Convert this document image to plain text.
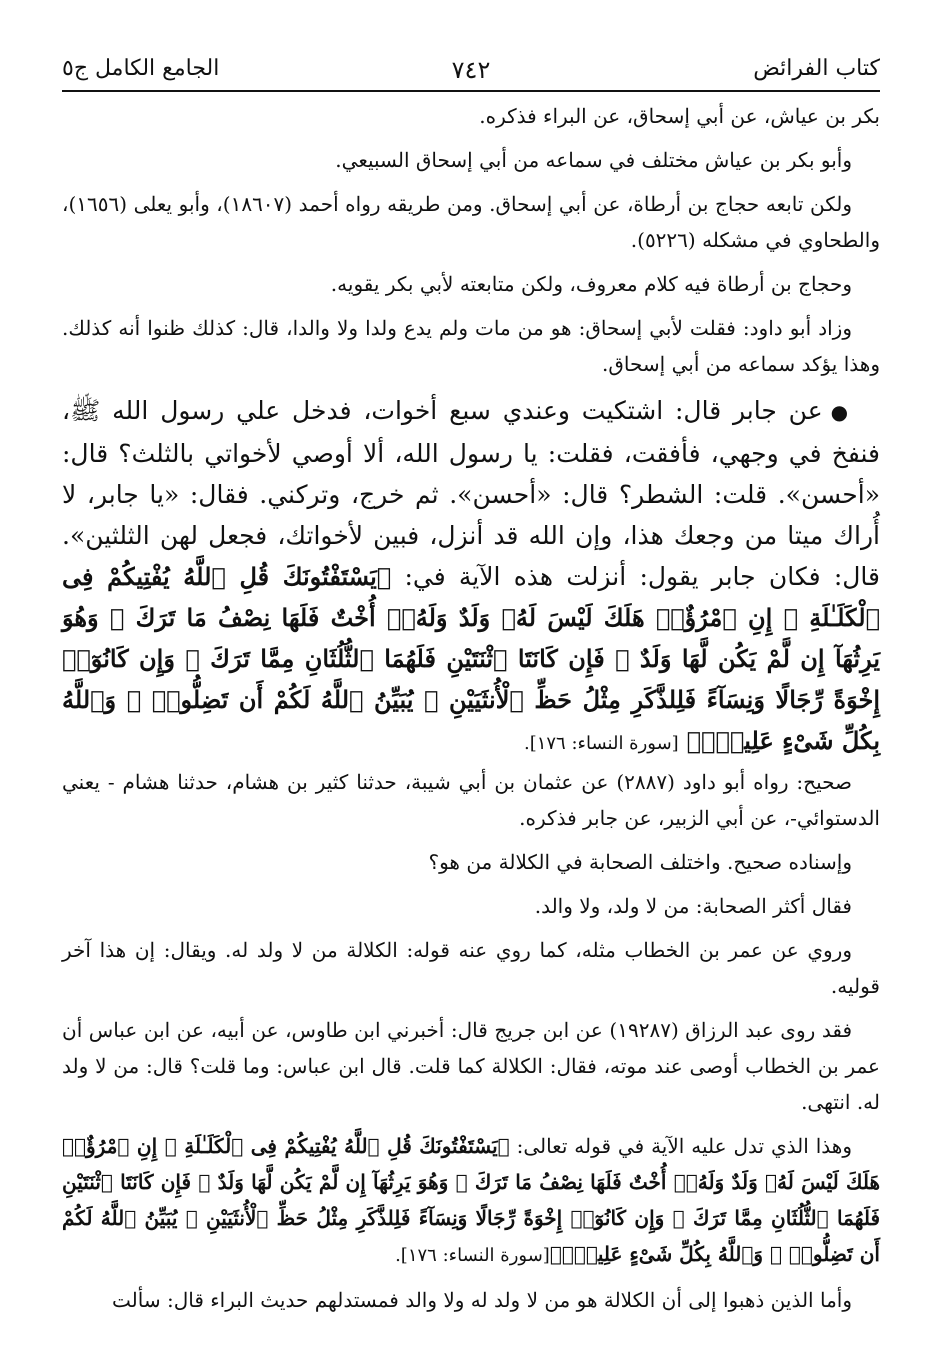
كتاب الفرائض
٧٤٢
الجامع الكامل ج٥

بكر بن عياش، عن أبي إسحاق، عن البراء فذكره.

وأبو بكر بن عياش مختلف في سماعه من أبي إسحاق السبيعي.

ولكن تابعه حجاج بن أرطاة، عن أبي إسحاق. ومن طريقه رواه أحمد (١٨٦٠٧)، وأبو يعلى (١٦٥٦)، والطحاوي في مشكله (٥٢٢٦).

وحجاج بن أرطاة فيه كلام معروف، ولكن متابعته لأبي بكر يقويه.

وزاد أبو داود: فقلت لأبي إسحاق: هو من مات ولم يدع ولدا ولا والدا، قال: كذلك ظنوا أنه كذلك. وهذا يؤكد سماعه من أبي إسحاق.

●عن جابر قال: اشتكيت وعندي سبع أخوات، فدخل علي رسول الله ﷺ، فنفخ في وجهي، فأفقت، فقلت: يا رسول الله، ألا أوصي لأخواتي بالثلث؟ قال: «أحسن». قلت: الشطر؟ قال: «أحسن». ثم خرج، وتركني. فقال: «يا جابر، لا أُراك ميتا من وجعك هذا، وإن الله قد أنزل، فبين لأخواتك، فجعل لهن الثلثين». قال: فكان جابر يقول: أنزلت هذه الآية في: ﴿يَسْتَفْتُونَكَ قُلِ ٱللَّهُ يُفْتِيكُمْ فِى ٱلْكَلَـٰلَةِ ۚ إِنِ ٱمْرُؤٌا۟ هَلَكَ لَيْسَ لَهُۥ وَلَدٌ وَلَهُۥٓ أُخْتٌ فَلَهَا نِصْفُ مَا تَرَكَ ۚ وَهُوَ يَرِثُهَآ إِن لَّمْ يَكُن لَّهَا وَلَدٌ ۚ فَإِن كَانَتَا ٱثْنَتَيْنِ فَلَهُمَا ٱلثُّلُثَانِ مِمَّا تَرَكَ ۚ وَإِن كَانُوٓا۟ إِخْوَةً رِّجَالًا وَنِسَآءً فَلِلذَّكَرِ مِثْلُ حَظِّ ٱلْأُنثَيَيْنِ ۗ يُبَيِّنُ ٱللَّهُ لَكُمْ أَن تَضِلُّوا۟ ۗ وَٱللَّهُ بِكُلِّ شَىْءٍ عَلِيمٌۢ﴾ [سورة النساء: ١٧٦].

صحيح: رواه أبو داود (٢٨٨٧) عن عثمان بن أبي شيبة، حدثنا كثير بن هشام، حدثنا هشام - يعني الدستوائي-، عن أبي الزبير، عن جابر فذكره.

وإسناده صحيح. واختلف الصحابة في الكلالة من هو؟

فقال أكثر الصحابة: من لا ولد، ولا والد.

وروي عن عمر بن الخطاب مثله، كما روي عنه قوله: الكلالة من لا ولد له. ويقال: إن هذا آخر قوليه.

فقد روى عبد الرزاق (١٩٢٨٧) عن ابن جريج قال: أخبرني ابن طاوس، عن أبيه، عن ابن عباس أن عمر بن الخطاب أوصى عند موته، فقال: الكلالة كما قلت. قال ابن عباس: وما قلت؟ قال: من لا ولد له. انتهى.

وهذا الذي تدل عليه الآية في قوله تعالى: ﴿يَسْتَفْتُونَكَ قُلِ ٱللَّهُ يُفْتِيكُمْ فِى ٱلْكَلَـٰلَةِ ۚ إِنِ ٱمْرُؤٌا۟ هَلَكَ لَيْسَ لَهُۥ وَلَدٌ وَلَهُۥٓ أُخْتٌ فَلَهَا نِصْفُ مَا تَرَكَ ۚ وَهُوَ يَرِثُهَآ إِن لَّمْ يَكُن لَّهَا وَلَدٌ ۚ فَإِن كَانَتَا ٱثْنَتَيْنِ فَلَهُمَا ٱلثُّلُثَانِ مِمَّا تَرَكَ ۚ وَإِن كَانُوٓا۟ إِخْوَةً رِّجَالًا وَنِسَآءً فَلِلذَّكَرِ مِثْلُ حَظِّ ٱلْأُنثَيَيْنِ ۗ يُبَيِّنُ ٱللَّهُ لَكُمْ أَن تَضِلُّوا۟ ۗ وَٱللَّهُ بِكُلِّ شَىْءٍ عَلِيمٌۢ﴾[سورة النساء: ١٧٦].

وأما الذين ذهبوا إلى أن الكلالة هو من لا ولد له ولا والد فمستدلهم حديث البراء قال: سألت
